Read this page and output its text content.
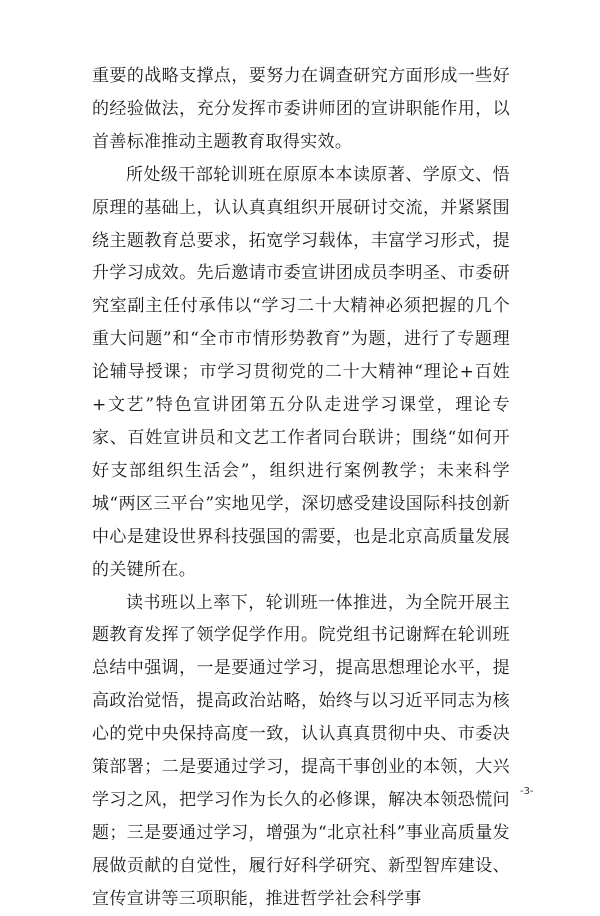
重要的战略支撑点，要努力在调查研究方面形成一些好的经验做法，充分发挥市委讲师团的宣讲职能作用，以首善标准推动主题教育取得实效。

所处级干部轮训班在原原本本读原著、学原文、悟原理的基础上，认认真真组织开展研讨交流，并紧紧围绕主题教育总要求，拓宽学习载体，丰富学习形式，提升学习成效。先后邀请市委宣讲团成员李明圣、市委研究室副主任付承伟以“学习二十大精神必须把握的几个重大问题”和“全市市情形势教育”为题，进行了专题理论辅导授课；市学习贯彻党的二十大精神“理论+百姓+文艺”特色宣讲团第五分队走进学习课堂，理论专家、百姓宣讲员和文艺工作者同台联讲；围绕“如何开好支部组织生活会”，组织进行案例教学；未来科学城“两区三平台”实地见学，深切感受建设国际科技创新中心是建设世界科技强国的需要，也是北京高质量发展的关键所在。

读书班以上率下，轮训班一体推进，为全院开展主题教育发挥了领学促学作用。院党组书记谢辉在轮训班总结中强调，一是要通过学习，提高思想理论水平，提高政治觉悟，提高政治站略，始终与以习近平同志为核心的党中央保持高度一致，认认真真贯彻中央、市委决策部署；二是要通过学习，提高干事创业的本领，大兴学习之风，把学习作为长久的必修课，解决本领恐慌问题；三是要通过学习，增强为“北京社科”事业高质量发展做贡献的自觉性，履行好科学研究、新型智库建设、宣传宣讲等三项职能，推进哲学社会科学事

-3-
